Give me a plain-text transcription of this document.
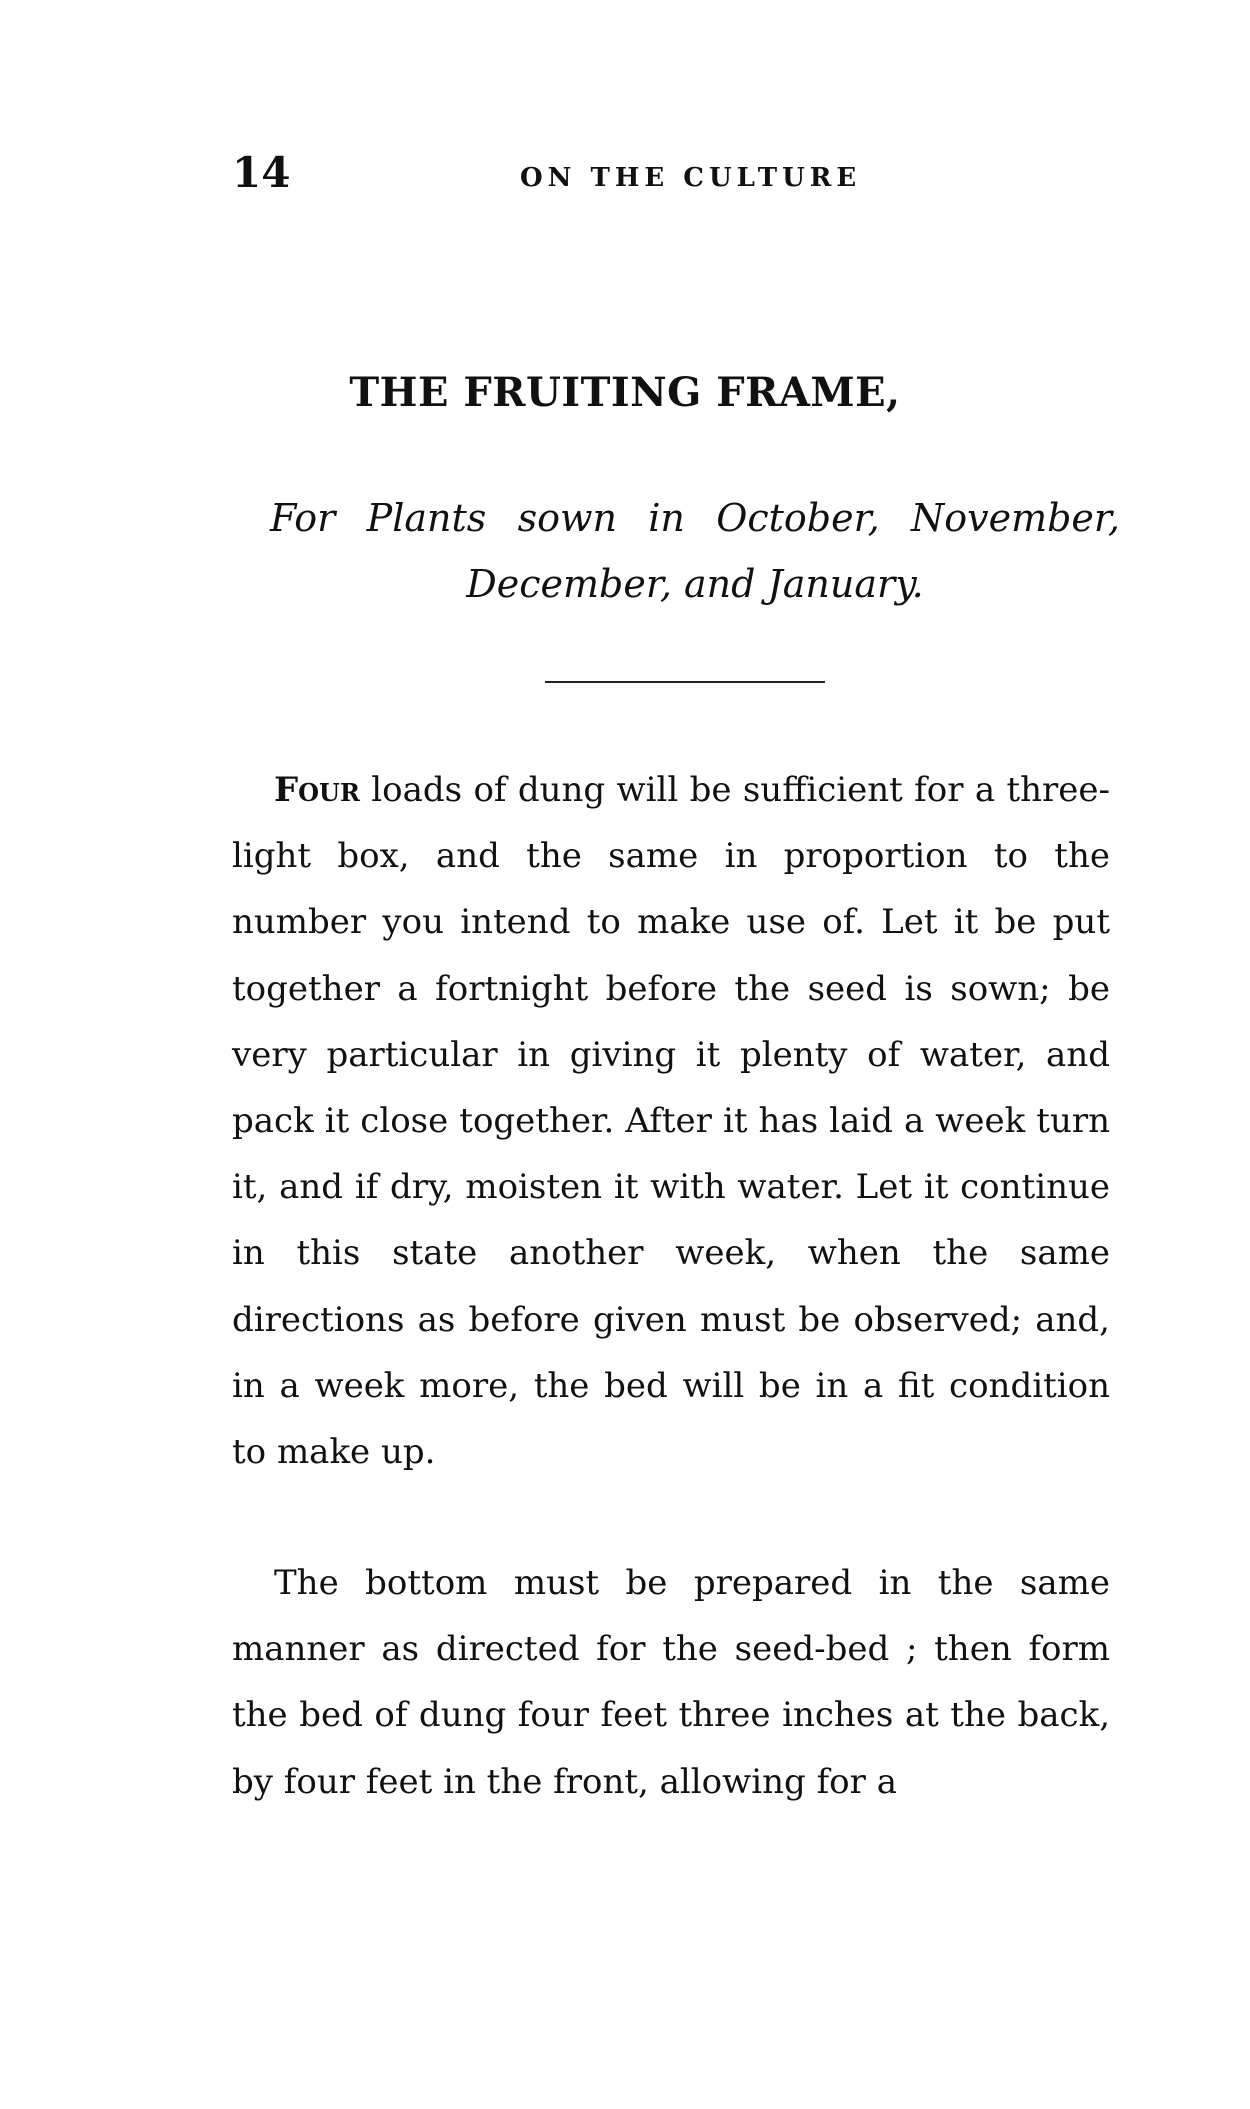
14	ON THE CULTURE
THE FRUITING FRAME,
For Plants sown in October, November,
December, and January.

Four loads of dung will be sufficient for a three-light box, and the same in proportion to the number you intend to make use of. Let it be put together a fortnight before the seed is sown; be very particular in giving it plenty of water, and pack it close together. After it has laid a week turn it, and if dry, moisten it with water. Let it continue in this state another week, when the same directions as before given must be observed; and, in a week more, the bed will be in a fit condition to make up.

The bottom must be prepared in the same manner as directed for the seed-bed ; then form the bed of dung four feet three inches at the back, by four feet in the front, allowing for a
